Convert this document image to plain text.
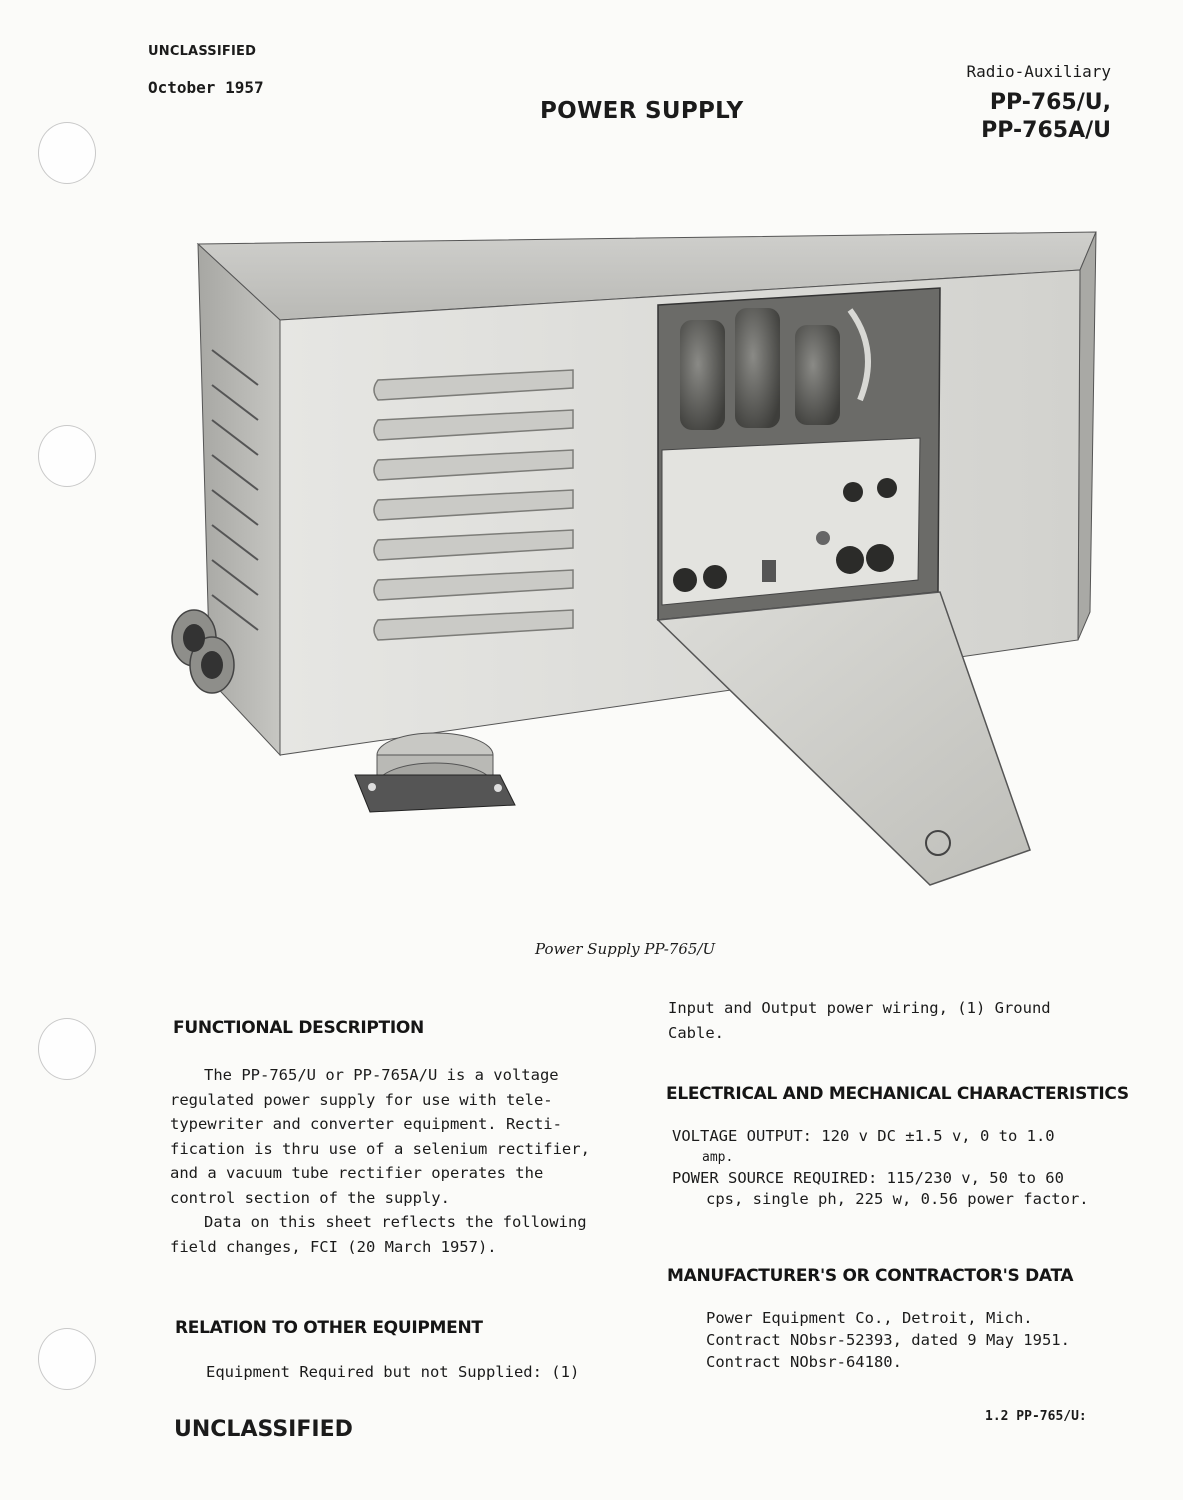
UNCLASSIFIED
October 1957
POWER SUPPLY
Radio-Auxiliary
PP-765/U,
PP-765A/U
Power Supply PP-765/U
FUNCTIONAL DESCRIPTION
The PP-765/U or PP-765A/U is a voltage
regulated power supply for use with tele-
typewriter and converter equipment. Recti-
fication is thru use of a selenium rectifier,
and a vacuum tube rectifier operates the
control section of the supply.
Data on this sheet reflects the following
field changes, FCI (20 March 1957).
RELATION TO OTHER EQUIPMENT
Equipment Required but not Supplied: (1)
Input and Output power wiring, (1) Ground
Cable.
ELECTRICAL AND MECHANICAL CHARACTERISTICS
VOLTAGE OUTPUT: 120 v DC ±1.5 v, 0 to 1.0
amp.
POWER SOURCE REQUIRED: 115/230 v, 50 to 60
cps, single ph, 225 w, 0.56 power factor.
MANUFACTURER'S OR CONTRACTOR'S DATA
Power Equipment Co., Detroit, Mich.
Contract NObsr-52393, dated 9 May 1951.
Contract NObsr-64180.
UNCLASSIFIED
1.2 PP-765/U:
